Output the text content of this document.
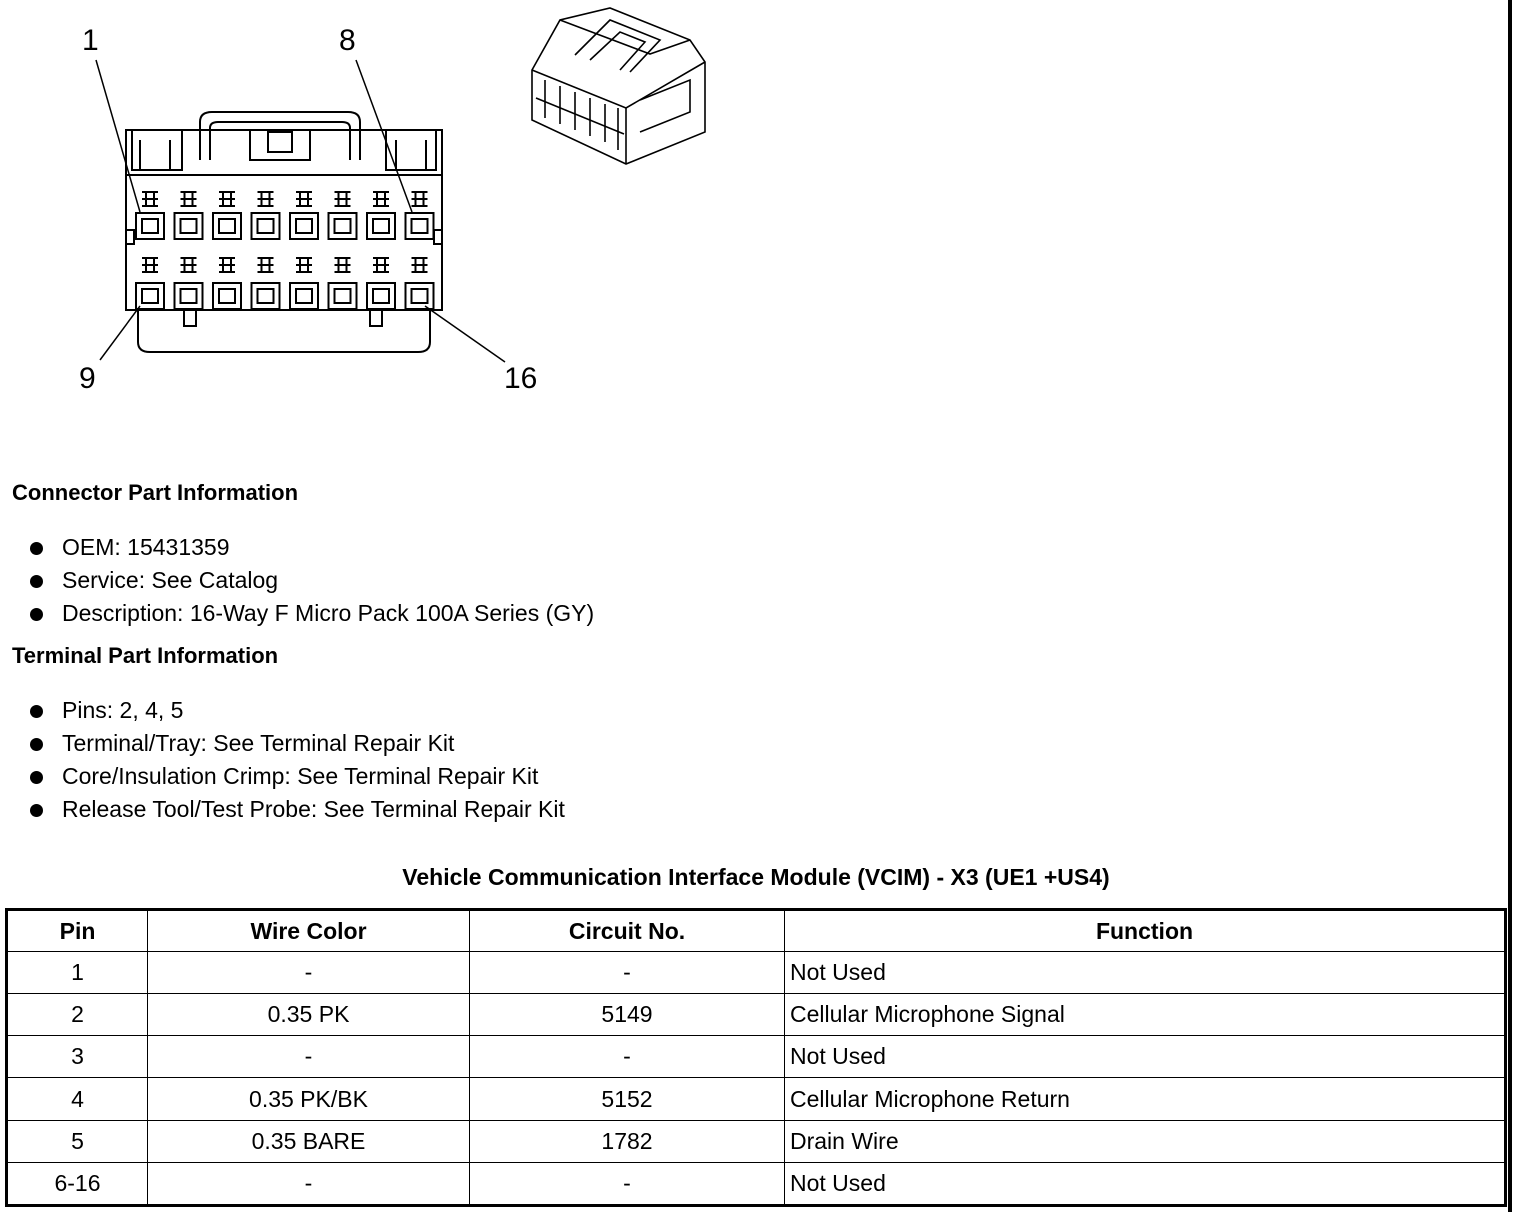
1	8
9	16
Connector Part Information
OEM: 15431359
Service: See Catalog
Description: 16-Way F Micro Pack 100A Series (GY)
Terminal Part Information
Pins: 2, 4, 5
Terminal/Tray: See Terminal Repair Kit
Core/Insulation Crimp: See Terminal Repair Kit
Release Tool/Test Probe: See Terminal Repair Kit
Vehicle Communication Interface Module (VCIM) - X3 (UE1 +US4)
Pin	Wire Color	Circuit No.	Function
1	-	-	Not Used
2	0.35 PK	5149	Cellular Microphone Signal
3	-	-	Not Used
4	0.35 PK/BK	5152	Cellular Microphone Return
5	0.35 BARE	1782	Drain Wire
6-16	-	-	Not Used
